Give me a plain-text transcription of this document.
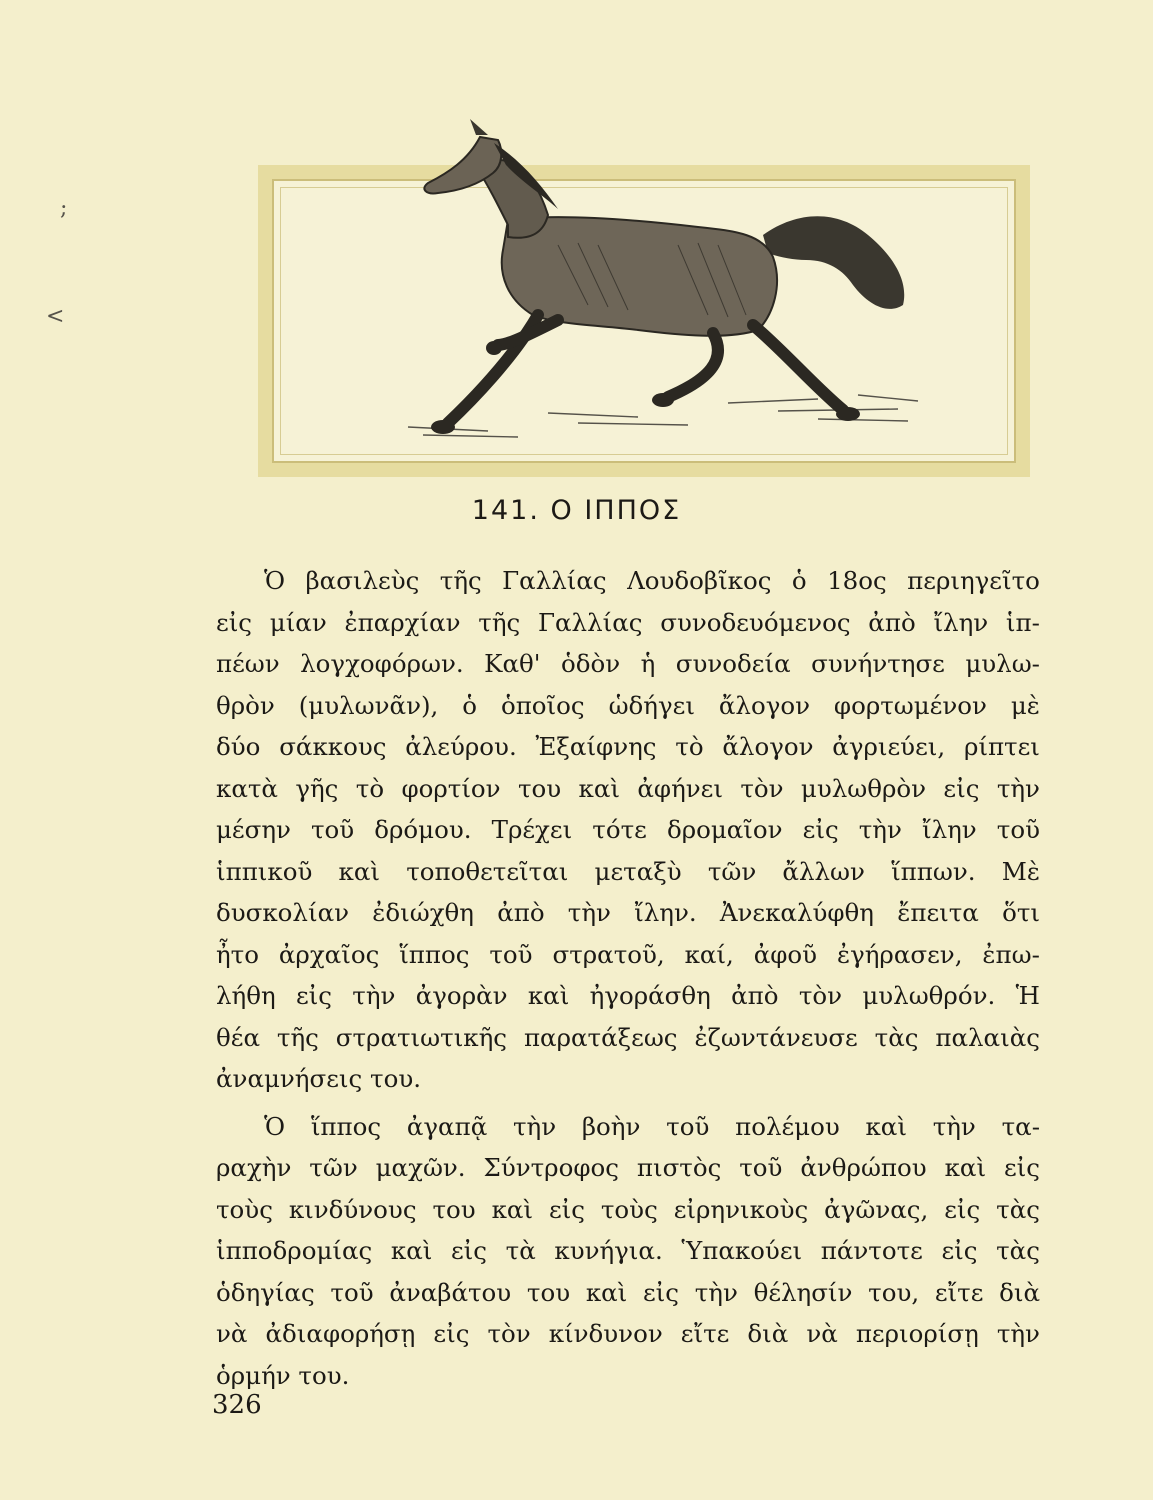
;
<
141. Ο ΙΠΠΟΣ
Ὁ βασιλεὺς τῆς Γαλλίας Λουδοβῖκος ὁ 18ος περιηγεῖτο
εἰς μίαν ἐπαρχίαν τῆς Γαλλίας συνοδευόμενος ἀπὸ ἴλην ἱπ-
πέων λογχοφόρων. Καθ' ὁδὸν ἡ συνοδεία συνήντησε μυλω-
θρὸν (μυλωνᾶν), ὁ ὁποῖος ὡδήγει ἄλογον φορτωμένον μὲ
δύο σάκκους ἀλεύρου. Ἐξαίφνης τὸ ἄλογον ἀγριεύει, ρίπτει
κατὰ γῆς τὸ φορτίον του καὶ ἀφήνει τὸν μυλωθρὸν εἰς τὴν
μέσην τοῦ δρόμου. Τρέχει τότε δρομαῖον εἰς τὴν ἴλην τοῦ
ἱππικοῦ καὶ τοποθετεῖται μεταξὺ τῶν ἄλλων ἵππων. Μὲ
δυσκολίαν ἐδιώχθη ἀπὸ τὴν ἴλην. Ἀνεκαλύφθη ἔπειτα ὅτι
ἦτο ἀρχαῖος ἵππος τοῦ στρατοῦ, καί, ἀφοῦ ἐγήρασεν, ἐπω-
λήθη εἰς τὴν ἀγορὰν καὶ ἠγοράσθη ἀπὸ τὸν μυλωθρόν. Ἡ
θέα τῆς στρατιωτικῆς παρατάξεως ἐζωντάνευσε τὰς παλαιὰς
ἀναμνήσεις του.
Ὁ ἵππος ἀγαπᾷ τὴν βοὴν τοῦ πολέμου καὶ τὴν τα-
ραχὴν τῶν μαχῶν. Σύντροφος πιστὸς τοῦ ἀνθρώπου καὶ εἰς
τοὺς κινδύνους του καὶ εἰς τοὺς εἰρηνικοὺς ἀγῶνας, εἰς τὰς
ἱπποδρομίας καὶ εἰς τὰ κυνήγια. Ὑπακούει πάντοτε εἰς τὰς
ὁδηγίας τοῦ ἀναβάτου του καὶ εἰς τὴν θέλησίν του, εἴτε διὰ
νὰ ἀδιαφορήσῃ εἰς τὸν κίνδυνον εἴτε διὰ νὰ περιορίσῃ τὴν
ὁρμήν του.
326
